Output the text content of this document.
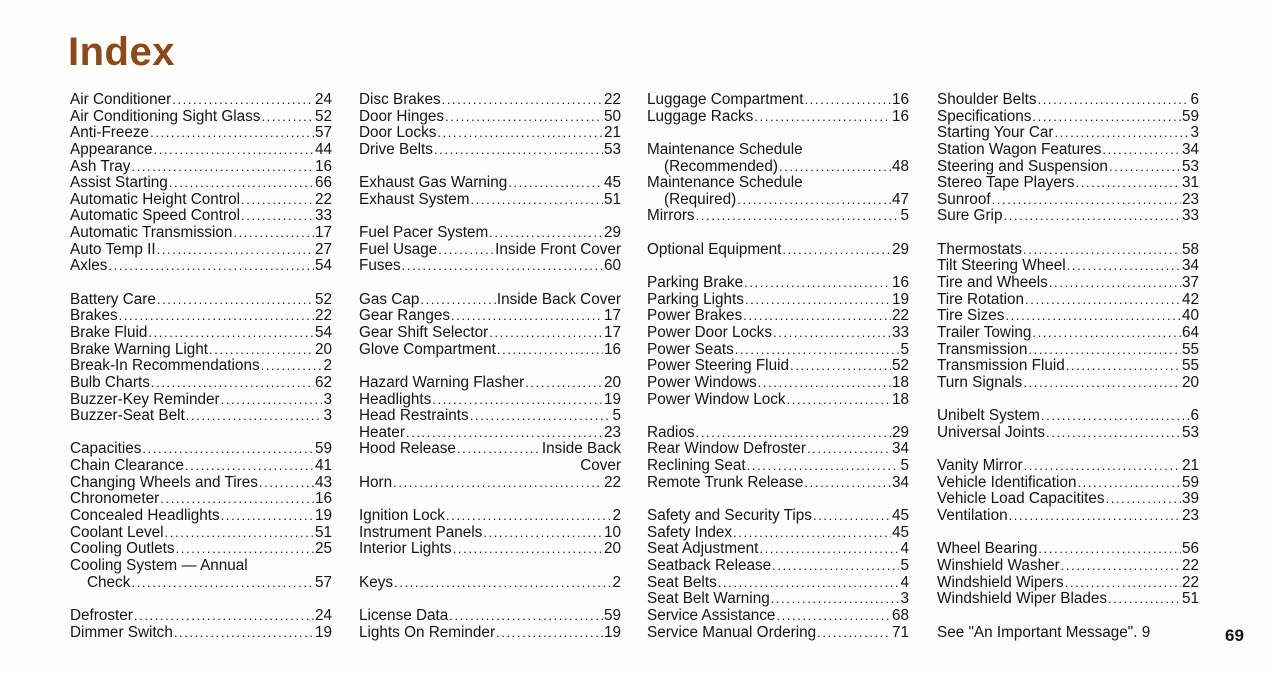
Index
Air Conditioner .....	24
Air Conditioning Sight Glass .....	52
Anti-Freeze .....	57
Appearance .....	44
Ash Tray .....	16
Assist Starting .....	66
Automatic Height Control .....	22
Automatic Speed Control .....	33
Automatic Transmission .....	17
Auto Temp II .....	27
Axles .....	54
Battery Care .....	52
Brakes .....	22
Brake Fluid .....	54
Brake Warning Light .....	20
Break-In Recommendations .....	2
Bulb Charts .....	62
Buzzer-Key Reminder .....	3
Buzzer-Seat Belt .....	3
Capacities .....	59
Chain Clearance .....	41
Changing Wheels and Tires .....	43
Chronometer .....	16
Concealed Headlights .....	19
Coolant Level .....	51
Cooling Outlets .....	25
Cooling System — Annual
Check .....	57
Defroster .....	24
Dimmer Switch .....	19
Disc Brakes .....	22
Door Hinges .....	50
Door Locks .....	21
Drive Belts .....	53
Exhaust Gas Warning .....	45
Exhaust System .....	51
Fuel Pacer System .....	29
Fuel Usage .....	Inside Front Cover
Fuses .....	60
Gas Cap .....	Inside Back Cover
Gear Ranges .....	17
Gear Shift Selector .....	17
Glove Compartment .....	16
Hazard Warning Flasher .....	20
Headlights .....	19
Head Restraints .....	5
Heater .....	23
Hood Release .....	Inside Back
Cover
Horn .....	22
Ignition Lock .....	2
Instrument Panels .....	10
Interior Lights .....	20
Keys .....	2
License Data .....	59
Lights On Reminder .....	19
Luggage Compartment .....	16
Luggage Racks .....	16
Maintenance Schedule
(Recommended) .....	48
Maintenance Schedule
(Required) .....	47
Mirrors .....	5
Optional Equipment .....	29
Parking Brake .....	16
Parking Lights .....	19
Power Brakes .....	22
Power Door Locks .....	33
Power Seats .....	5
Power Steering Fluid .....	52
Power Windows .....	18
Power Window Lock .....	18
Radios .....	29
Rear Window Defroster .....	34
Reclining Seat .....	5
Remote Trunk Release .....	34
Safety and Security Tips .....	45
Safety Index .....	45
Seat Adjustment .....	4
Seatback Release .....	5
Seat Belts .....	4
Seat Belt Warning .....	3
Service Assistance .....	68
Service Manual Ordering .....	71
Shoulder Belts .....	6
Specifications .....	59
Starting Your Car .....	3
Station Wagon Features .....	34
Steering and Suspension .....	53
Stereo Tape Players .....	31
Sunroof .....	23
Sure Grip .....	33
Thermostats .....	58
Tilt Steering Wheel .....	34
Tire and Wheels .....	37
Tire Rotation .....	42
Tire Sizes .....	40
Trailer Towing .....	64
Transmission .....	55
Transmission Fluid .....	55
Turn Signals .....	20
Unibelt System .....	6
Universal Joints .....	53
Vanity Mirror .....	21
Vehicle Identification .....	59
Vehicle Load Capacitites .....	39
Ventilation .....	23
Wheel Bearing .....	56
Winshield Washer .....	22
Windshield Wipers .....	22
Windshield Wiper Blades .....	51
See "An Important Message" . 9	69
